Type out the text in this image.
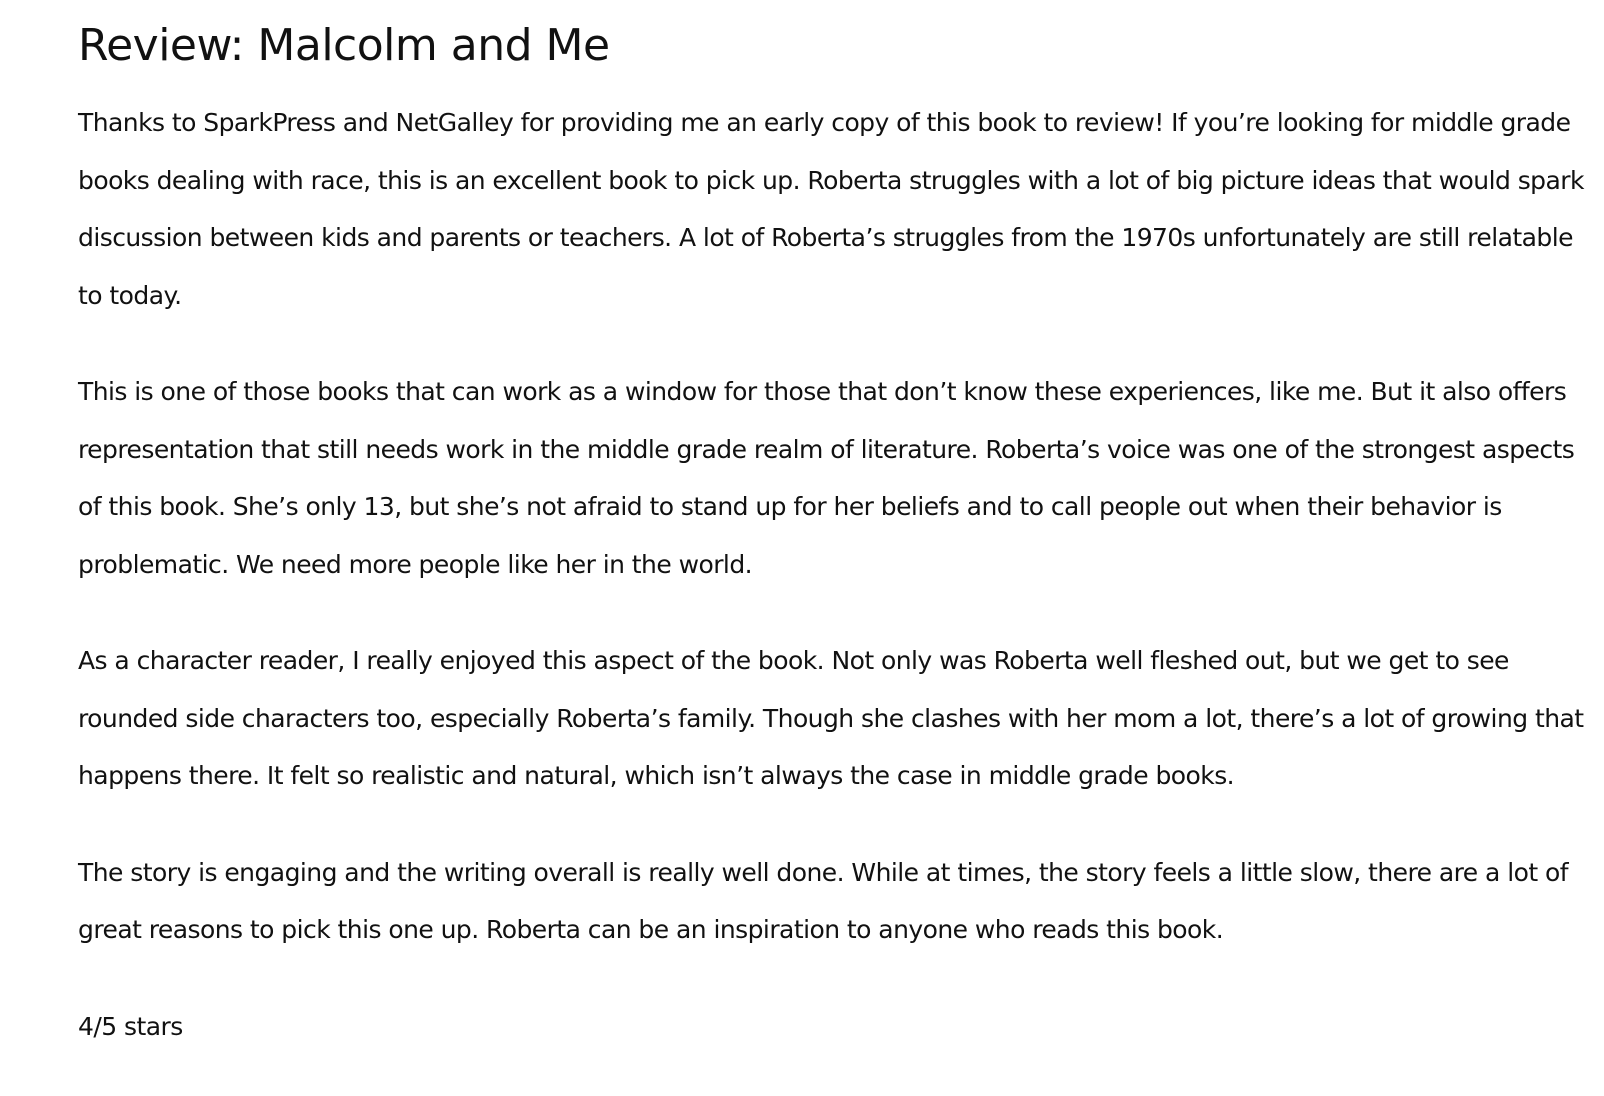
Review: Malcolm and Me

Thanks to SparkPress and NetGalley for providing me an early copy of this book to review! If you’re looking for middle grade books dealing with race, this is an excellent book to pick up. Roberta struggles with a lot of big picture ideas that would spark discussion between kids and parents or teachers. A lot of Roberta’s struggles from the 1970s unfortunately are still relatable to today.

This is one of those books that can work as a window for those that don’t know these experiences, like me. But it also offers representation that still needs work in the middle grade realm of literature. Roberta’s voice was one of the strongest aspects of this book. She’s only 13, but she’s not afraid to stand up for her beliefs and to call people out when their behavior is problematic. We need more people like her in the world.

As a character reader, I really enjoyed this aspect of the book. Not only was Roberta well fleshed out, but we get to see rounded side characters too, especially Roberta’s family. Though she clashes with her mom a lot, there’s a lot of growing that happens there. It felt so realistic and natural, which isn’t always the case in middle grade books.

The story is engaging and the writing overall is really well done. While at times, the story feels a little slow, there are a lot of great reasons to pick this one up. Roberta can be an inspiration to anyone who reads this book.

4/5 stars
